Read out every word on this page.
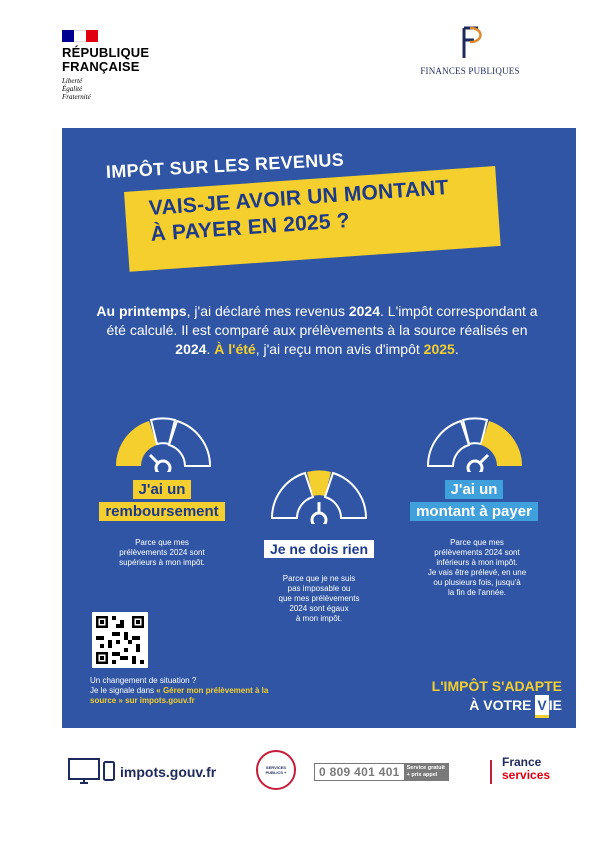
RÉPUBLIQUE
FRANÇAISE
Liberté
Égalité
Fraternité
FINANCES PUBLIQUES
IMPÔT SUR LES REVENUS
VAIS-JE AVOIR UN MONTANT
À PAYER EN 2025 ?
Au printemps, j'ai déclaré mes revenus 2024. L'impôt correspondant a été calculé. Il est comparé aux prélèvements à la source réalisés en 2024. À l'été, j'ai reçu mon avis d'impôt 2025.
J'ai un
remboursement
Parce que mes
prélèvements 2024 sont
supérieurs à mon impôt.
Je ne dois rien
Parce que je ne suis
pas imposable ou
que mes prélèvements
2024 sont égaux
à mon impôt.
J'ai un
montant à payer
Parce que mes
prélèvements 2024 sont
inférieurs à mon impôt.
Je vais être prélevé, en une
ou plusieurs fois, jusqu'à
la fin de l'année.
Un changement de situation ?
Je le signale dans « Gérer mon prélèvement à la source » sur impots.gouv.fr
L'IMPÔT S'ADAPTE
À VOTRE V IE
impots.gouv.fr	SERVICES PUBLICS +	0 809 401 401	Service gratuit
+ prix appel
France
services
